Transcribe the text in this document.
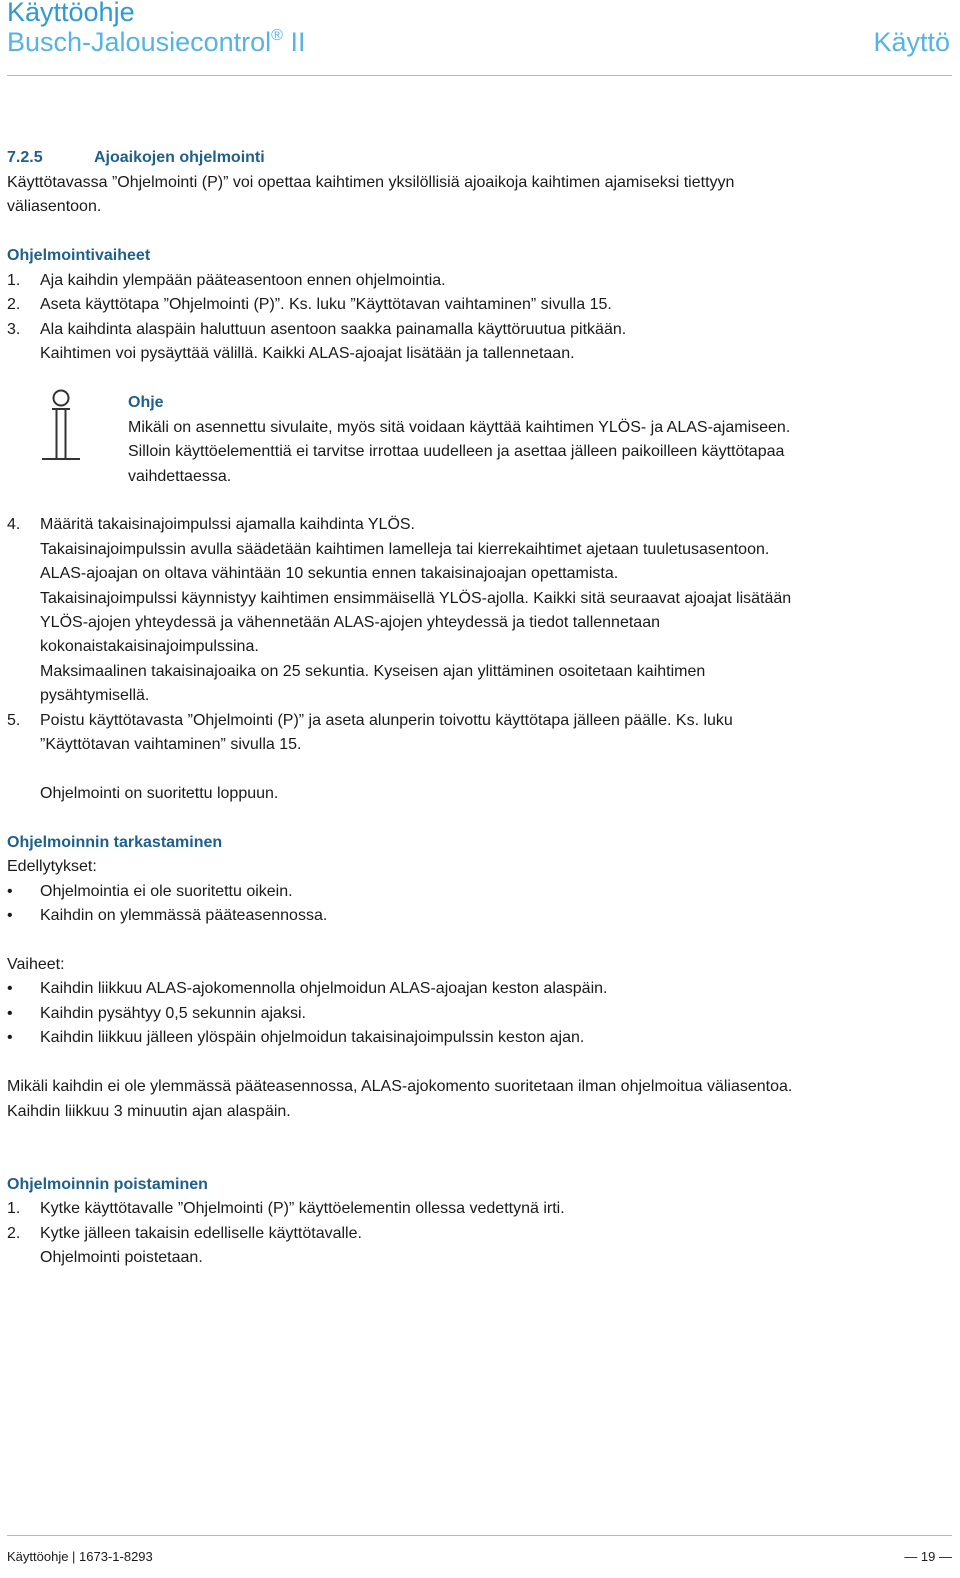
Käyttöohje
Busch-Jalousiecontrol® II	Käyttö
7.2.5	Ajoaikojen ohjelmointi
Käyttötavassa ”Ohjelmointi (P)” voi opettaa kaihtimen yksilöllisiä ajoaikoja kaihtimen ajamiseksi tiettyyn
väliasentoon.
Ohjelmointivaiheet
1. Aja kaihdin ylempään pääteasentoon ennen ohjelmointia.
2. Aseta käyttötapa ”Ohjelmointi (P)”. Ks. luku ”Käyttötavan vaihtaminen” sivulla 15.
3. Ala kaihdinta alaspäin haluttuun asentoon saakka painamalla käyttöruutua pitkään.
Kaihtimen voi pysäyttää välillä. Kaikki ALAS-ajoajat lisätään ja tallennetaan.
Ohje
Mikäli on asennettu sivulaite, myös sitä voidaan käyttää kaihtimen YLÖS- ja ALAS-ajamiseen.
Silloin käyttöelementtiä ei tarvitse irrottaa uudelleen ja asettaa jälleen paikoilleen käyttötapaa
vaihdettaessa.
4. Määritä takaisinajoimpulssi ajamalla kaihdinta YLÖS.
Takaisinajoimpulssin avulla säädetään kaihtimen lamelleja tai kierrekaihtimet ajetaan tuuletusasentoon.
ALAS-ajoajan on oltava vähintään 10 sekuntia ennen takaisinajoajan opettamista.
Takaisinajoimpulssi käynnistyy kaihtimen ensimmäisellä YLÖS-ajolla. Kaikki sitä seuraavat ajoajat lisätään
YLÖS-ajojen yhteydessä ja vähennetään ALAS-ajojen yhteydessä ja tiedot tallennetaan
kokonaistakaisinajoimpulssina.
Maksimaalinen takaisinajoaika on 25 sekuntia. Kyseisen ajan ylittäminen osoitetaan kaihtimen
pysähtymisellä.
5. Poistu käyttötavasta ”Ohjelmointi (P)” ja aseta alunperin toivottu käyttötapa jälleen päälle. Ks. luku
”Käyttötavan vaihtaminen” sivulla 15.
Ohjelmointi on suoritettu loppuun.
Ohjelmoinnin tarkastaminen
Edellytykset:
• Ohjelmointia ei ole suoritettu oikein.
• Kaihdin on ylemmässä pääteasennossa.
Vaiheet:
• Kaihdin liikkuu ALAS-ajokomennolla ohjelmoidun ALAS-ajoajan keston alaspäin.
• Kaihdin pysähtyy 0,5 sekunnin ajaksi.
• Kaihdin liikkuu jälleen ylöspäin ohjelmoidun takaisinajoimpulssin keston ajan.
Mikäli kaihdin ei ole ylemmässä pääteasennossa, ALAS-ajokomento suoritetaan ilman ohjelmoitua väliasentoa.
Kaihdin liikkuu 3 minuutin ajan alaspäin.
Ohjelmoinnin poistaminen
1. Kytke käyttötavalle ”Ohjelmointi (P)” käyttöelementin ollessa vedettynä irti.
2. Kytke jälleen takaisin edelliselle käyttötavalle.
Ohjelmointi poistetaan.
Käyttöohje | 1673-1-8293	— 19 —
